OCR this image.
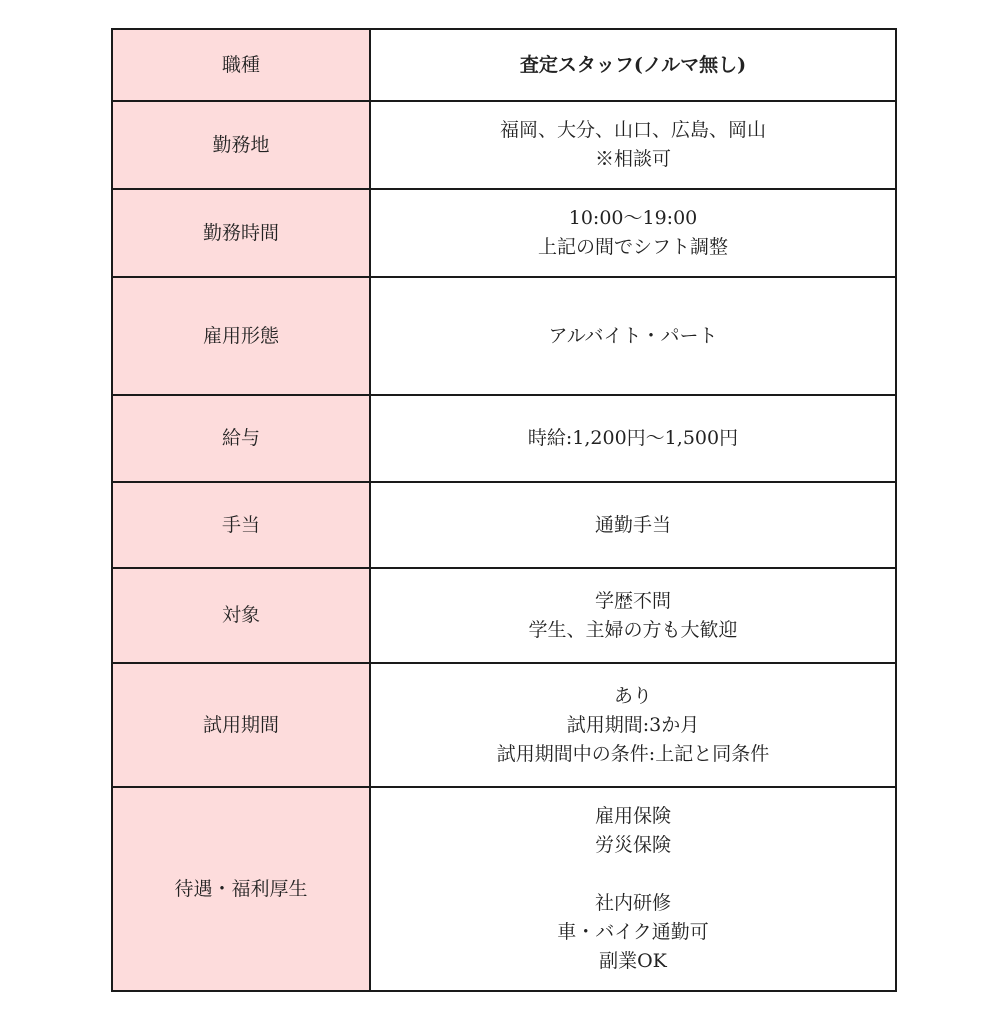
職種	査定スタッフ(ノルマ無し)

勤務地	福岡、大分、山口、広島、岡山
※相談可

勤務時間	10:00〜19:00
上記の間でシフト調整

雇用形態	アルバイト・パート

給与	時給:1,200円〜1,500円

手当	通勤手当

対象	学歴不問
学生、主婦の方も大歓迎

試用期間	あり
試用期間:3か月
試用期間中の条件:上記と同条件

待遇・福利厚生	雇用保険
労災保険
社内研修
車・バイク通勤可
副業OK
